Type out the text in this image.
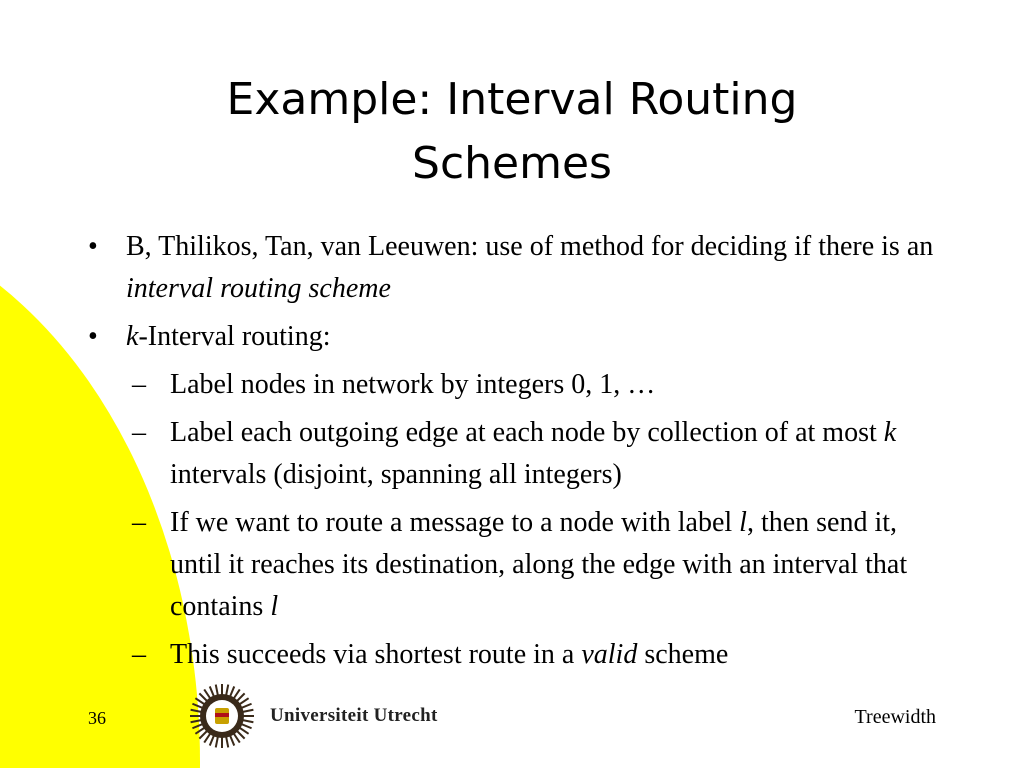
Example: Interval Routing
Schemes
• B, Thilikos, Tan, van Leeuwen: use of method for deciding if there is an interval routing scheme
• k-Interval routing:
– Label nodes in network by integers 0, 1, …
– Label each outgoing edge at each node by collection of at most k intervals (disjoint, spanning all integers)
– If we want to route a message to a node with label l, then send it, until it reaches its destination, along the edge with an interval that contains l
– This succeeds via shortest route in a valid scheme
36	Universiteit Utrecht	Treewidth
